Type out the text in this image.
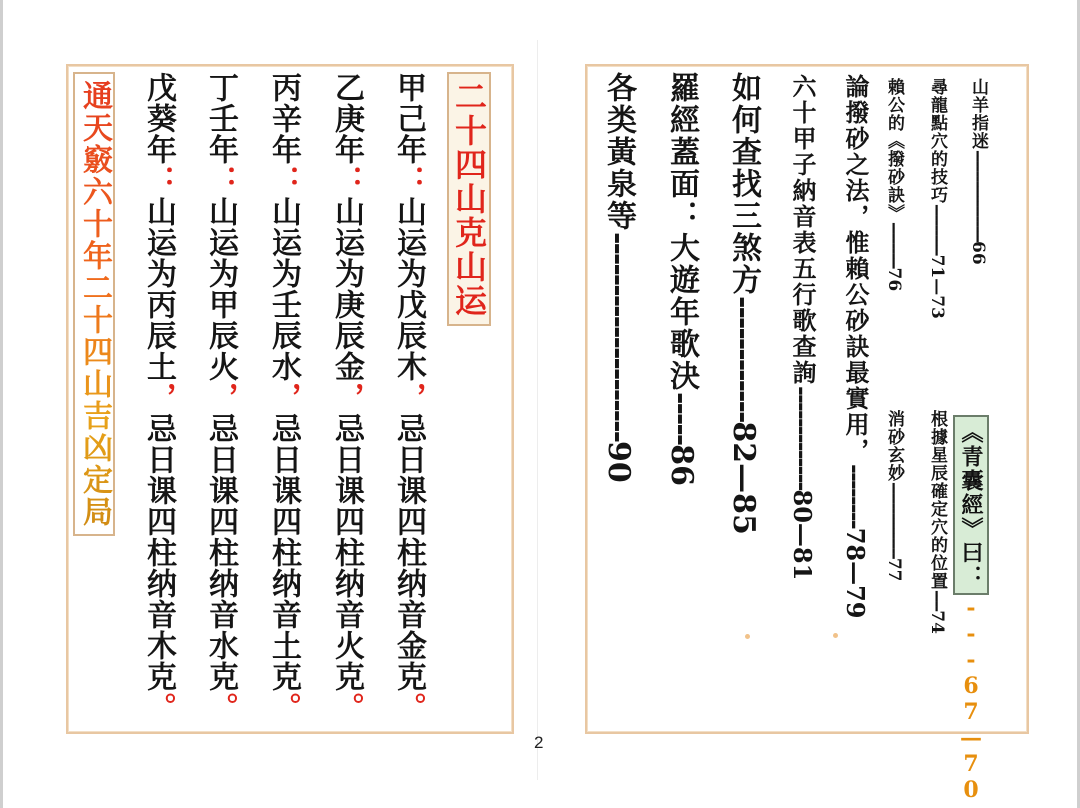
二十四山克山运
甲己年：山运为戊辰木，忌日课四柱纳音金克。
乙庚年：山运为庚辰金，忌日课四柱纳音火克。
丙辛年：山运为壬辰水，忌日课四柱纳音土克。
丁壬年：山运为甲辰火，忌日课四柱纳音水克。
戊葵年：山运为丙辰土，忌日课四柱纳音木克。
通天竅六十年二十四山吉凶定局	山羊指迷------------------66
《青囊經》曰：---67—70
尋龍點穴的技巧----------71—73
根據星辰確定穴的位置----74
賴公的《撥砂訣》---------76
消砂玄妙---------------77
論撥砂之法，惟賴公砂訣最實用，--------78—79
六十甲子納音表五行歌查詢-------------80—81
如何查找三煞方------------82—85
羅經蓋面：大遊年歌決-----86
各类黃泉等--------------------90
2
